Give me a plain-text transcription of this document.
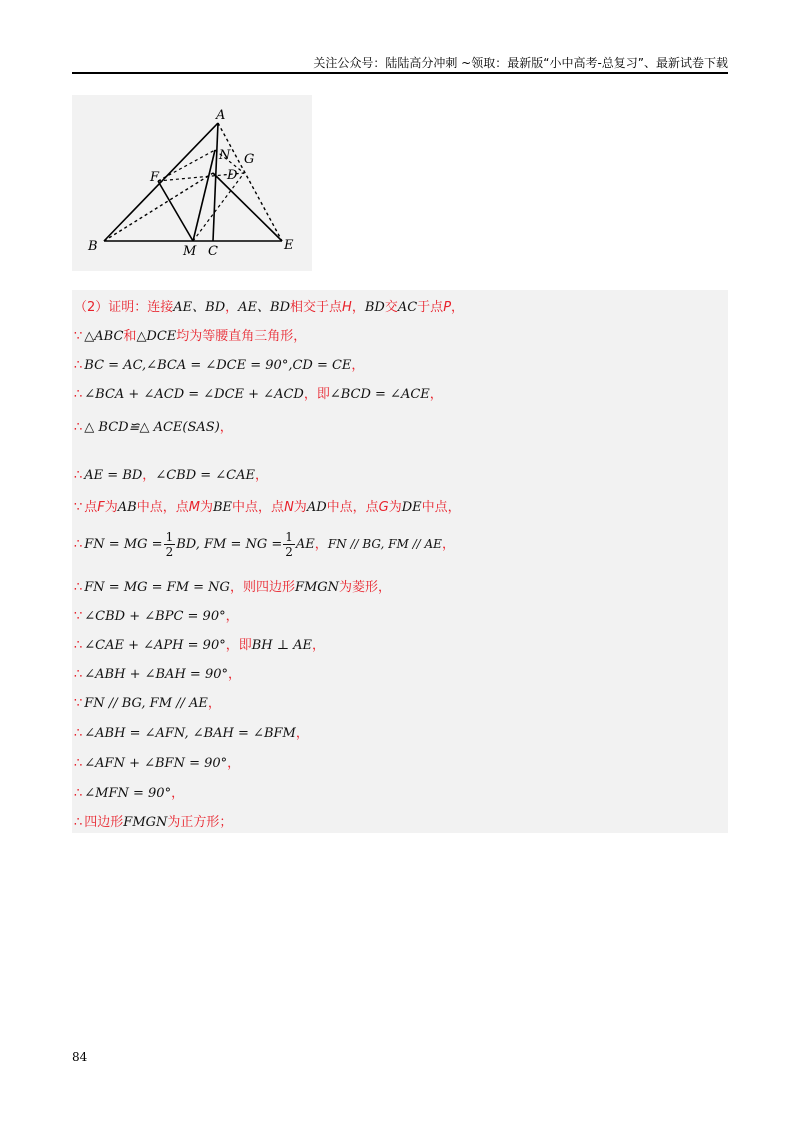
关注公众号：陆陆高分冲刺 ~领取：最新版“小中高考-总复习”、最新试卷下载
A
N G
F	D
B	M C	E
（2）证明：连接AE、BD，AE、BD相交于点H，BD交AC于点P，
∵ △ABC和△DCE均为等腰直角三角形，
∴ BC = AC,∠BCA = ∠DCE = 90°,CD = CE，
∴ ∠BCA + ∠ACD = ∠DCE + ∠ACD，即∠BCD = ∠ACE，
∴ △ BCD≌△ ACE(SAS)，
∴ AE = BD，∠CBD = ∠CAE，
∵ 点F为AB中点，点M为BE中点，点N为AD中点，点G为DE中点，
∴ FN = MG = $\frac{1}{2}$ BD, FM = NG = $\frac{1}{2}$ AE，FN // BG, FM // AE，
∴ FN = MG = FM = NG，则四边形FMGN为菱形，
∵ ∠CBD + ∠BPC = 90°，
∴ ∠CAE + ∠APH = 90°，即BH ⊥ AE，
∴ ∠ABH + ∠BAH = 90°，
∵ FN // BG, FM // AE，
∴ ∠ABH = ∠AFN, ∠BAH = ∠BFM，
∴ ∠AFN + ∠BFN = 90°，
∴ ∠MFN = 90°，
∴ 四边形FMGN为正方形；
84
